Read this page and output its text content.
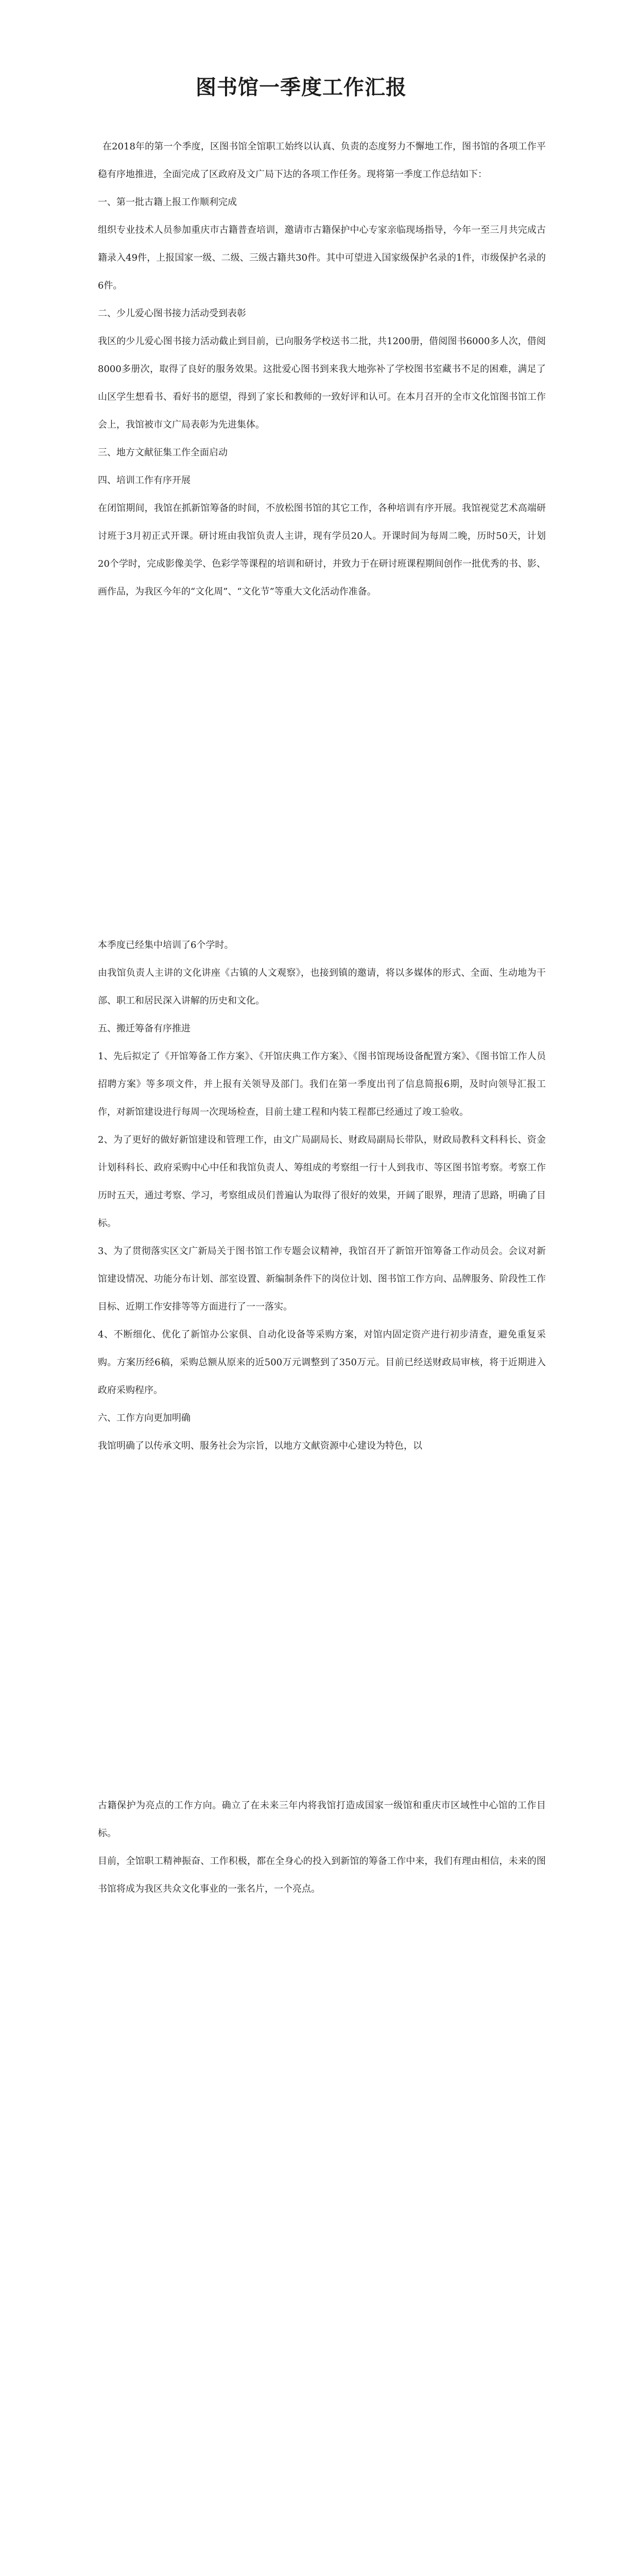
图书馆一季度工作汇报

在2018年的第一个季度，区图书馆全馆职工始终以认真、负责的态度努力不懈地工作，图书馆的各项工作平稳有序地推进，全面完成了区政府及文广局下达的各项工作任务。现将第一季度工作总结如下：

一、第一批古籍上报工作顺利完成

组织专业技术人员参加重庆市古籍普查培训，邀请市古籍保护中心专家亲临现场指导，今年一至三月共完成古籍录入49件，上报国家一级、二级、三级古籍共30件。其中可望进入国家级保护名录的1件，市级保护名录的6件。

二、少儿爱心图书接力活动受到表彰

我区的少儿爱心图书接力活动截止到目前，已向服务学校送书二批，共1200册，借阅图书6000多人次，借阅8000多册次，取得了良好的服务效果。这批爱心图书到来我大地弥补了学校图书室藏书不足的困难，满足了山区学生想看书、看好书的愿望，得到了家长和教师的一致好评和认可。在本月召开的全市文化馆图书馆工作会上，我馆被市文广局表彰为先进集体。

三、地方文献征集工作全面启动

四、培训工作有序开展

在闭馆期间，我馆在抓新馆筹备的时间，不放松图书馆的其它工作，各种培训有序开展。我馆视觉艺术高端研讨班于3月初正式开课。研讨班由我馆负责人主讲，现有学员20人。开课时间为每周二晚，历时50天，计划20个学时，完成影像美学、色彩学等课程的培训和研讨，并致力于在研讨班课程期间创作一批优秀的书、影、画作品，为我区今年的“文化周”、“文化节”等重大文化活动作准备。

本季度已经集中培训了6个学时。

由我馆负责人主讲的文化讲座《古镇的人文观察》，也接到镇的邀请，将以多媒体的形式、全面、生动地为干部、职工和居民深入讲解的历史和文化。

五、搬迁筹备有序推进

1、先后拟定了《开馆筹备工作方案》、《开馆庆典工作方案》、《图书馆现场设备配置方案》、《图书馆工作人员招聘方案》等多项文件，并上报有关领导及部门。我们在第一季度出刊了信息简报6期，及时向领导汇报工作，对新馆建设进行每周一次现场检查，目前土建工程和内装工程都已经通过了竣工验收。

2、为了更好的做好新馆建设和管理工作，由文广局副局长、财政局副局长带队，财政局教科文科科长、资金计划科科长、政府采购中心中任和我馆负责人、筹组成的考察组一行十人到我市、等区图书馆考察。考察工作历时五天，通过考察、学习，考察组成员们普遍认为取得了很好的效果，开阔了眼界，理清了思路，明确了目标。

3、为了贯彻落实区文广新局关于图书馆工作专题会议精神，我馆召开了新馆开馆筹备工作动员会。会议对新馆建设情况、功能分布计划、部室设置、新编制条件下的岗位计划、图书馆工作方向、品牌服务、阶段性工作目标、近期工作安排等等方面进行了一一落实。

4、不断细化、优化了新馆办公家俱、自动化设备等采购方案，对馆内固定资产进行初步清查，避免重复采购。方案历经6稿，采购总额从原来的近500万元调整到了350万元。目前已经送财政局审核，将于近期进入政府采购程序。

六、工作方向更加明确

我馆明确了以传承文明、服务社会为宗旨，以地方文献资源中心建设为特色，以

古籍保护为亮点的工作方向。确立了在未来三年内将我馆打造成国家一级馆和重庆市区域性中心馆的工作目标。

目前，全馆职工精神振奋、工作积极，都在全身心的投入到新馆的筹备工作中来，我们有理由相信，未来的图书馆将成为我区共众文化事业的一张名片，一个亮点。
